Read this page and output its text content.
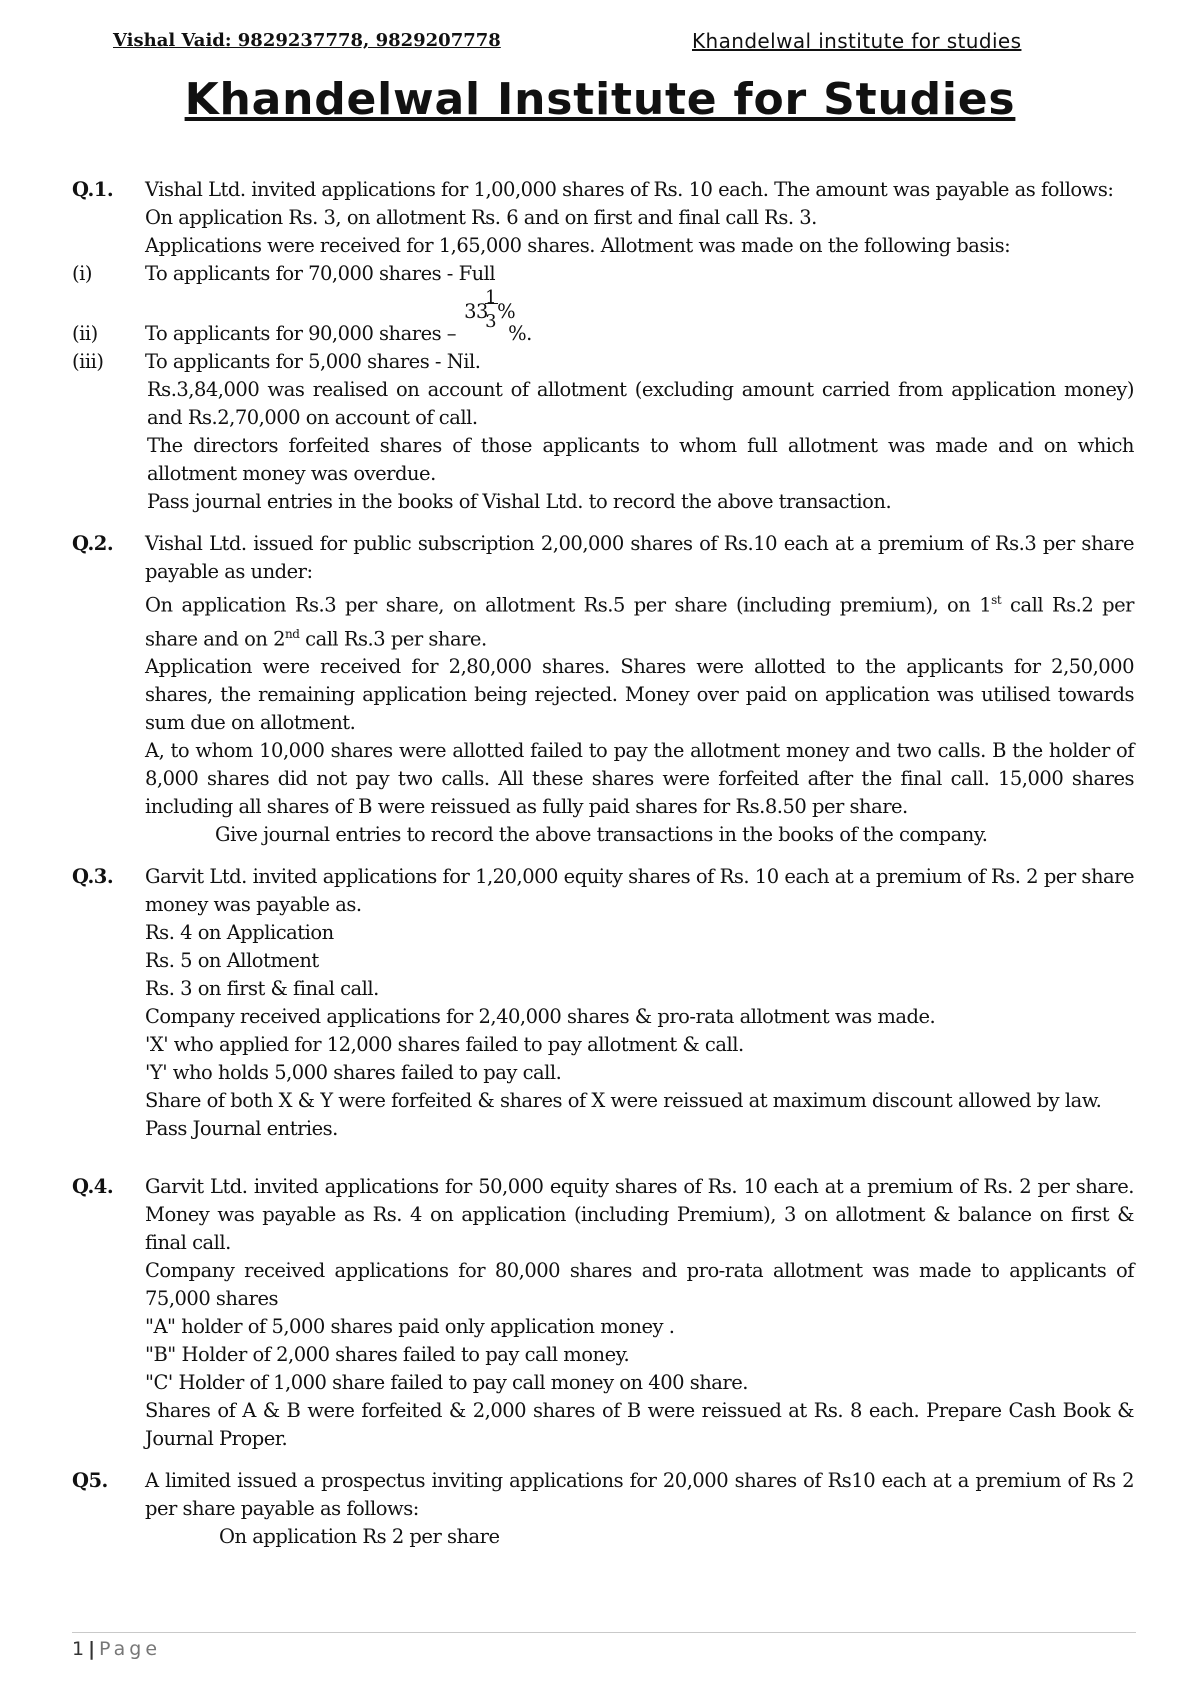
Vishal Vaid: 9829237778, 9829207778	Khandelwal institute for studies
Khandelwal Institute for Studies
Q.1.	Vishal Ltd. invited applications for 1,00,000 shares of Rs. 10 each. The amount was payable as follows:
On application Rs. 3, on allotment Rs. 6 and on first and final call Rs. 3.
Applications were received for 1,65,000 shares. Allotment was made on the following basis:
(i)	To applicants for 70,000 shares - Full
(ii)	To applicants for 90,000 shares –
33
1
3 %
%.
(iii)	To applicants for 5,000 shares - Nil.
Rs.3,84,000 was realised on account of allotment (excluding amount carried from application money) and Rs.2,70,000 on account of call.
The directors forfeited shares of those applicants to whom full allotment was made and on which allotment money was overdue.
Pass journal entries in the books of Vishal Ltd. to record the above transaction.
Q.2.	Vishal Ltd. issued for public subscription 2,00,000 shares of Rs.10 each at a premium of Rs.3 per share payable as under:
On application Rs.3 per share, on allotment Rs.5 per share (including premium), on 1st call Rs.2 per share and on 2nd call Rs.3 per share.
Application were received for 2,80,000 shares. Shares were allotted to the applicants for 2,50,000 shares, the remaining application being rejected. Money over paid on application was utilised towards sum due on allotment.
A, to whom 10,000 shares were allotted failed to pay the allotment money and two calls. B the holder of 8,000 shares did not pay two calls. All these shares were forfeited after the final call. 15,000 shares including all shares of B were reissued as fully paid shares for Rs.8.50 per share.
Give journal entries to record the above transactions in the books of the company.
Q.3.	Garvit Ltd. invited applications for 1,20,000 equity shares of Rs. 10 each at a premium of Rs. 2 per share money was payable as.
Rs. 4 on Application
Rs. 5 on Allotment
Rs. 3 on first & final call.
Company received applications for 2,40,000 shares & pro-rata allotment was made.
'X' who applied for 12,000 shares failed to pay allotment & call.
'Y' who holds 5,000 shares failed to pay call.
Share of both X & Y were forfeited & shares of X were reissued at maximum discount allowed by law.
Pass Journal entries.
Q.4.	Garvit Ltd. invited applications for 50,000 equity shares of Rs. 10 each at a premium of Rs. 2 per share. Money was payable as Rs. 4 on application (including Premium), 3 on allotment & balance on first & final call.
Company received applications for 80,000 shares and pro-rata allotment was made to applicants of 75,000 shares
"A" holder of 5,000 shares paid only application money .
"B" Holder of 2,000 shares failed to pay call money.
"C' Holder of 1,000 share failed to pay call money on 400 share.
Shares of A & B were forfeited & 2,000 shares of B were reissued at Rs. 8 each. Prepare Cash Book & Journal Proper.
Q5.	A limited issued a prospectus inviting applications for 20,000 shares of Rs10 each at a premium of Rs 2 per share payable as follows:
On application Rs 2 per share
1 | Page
